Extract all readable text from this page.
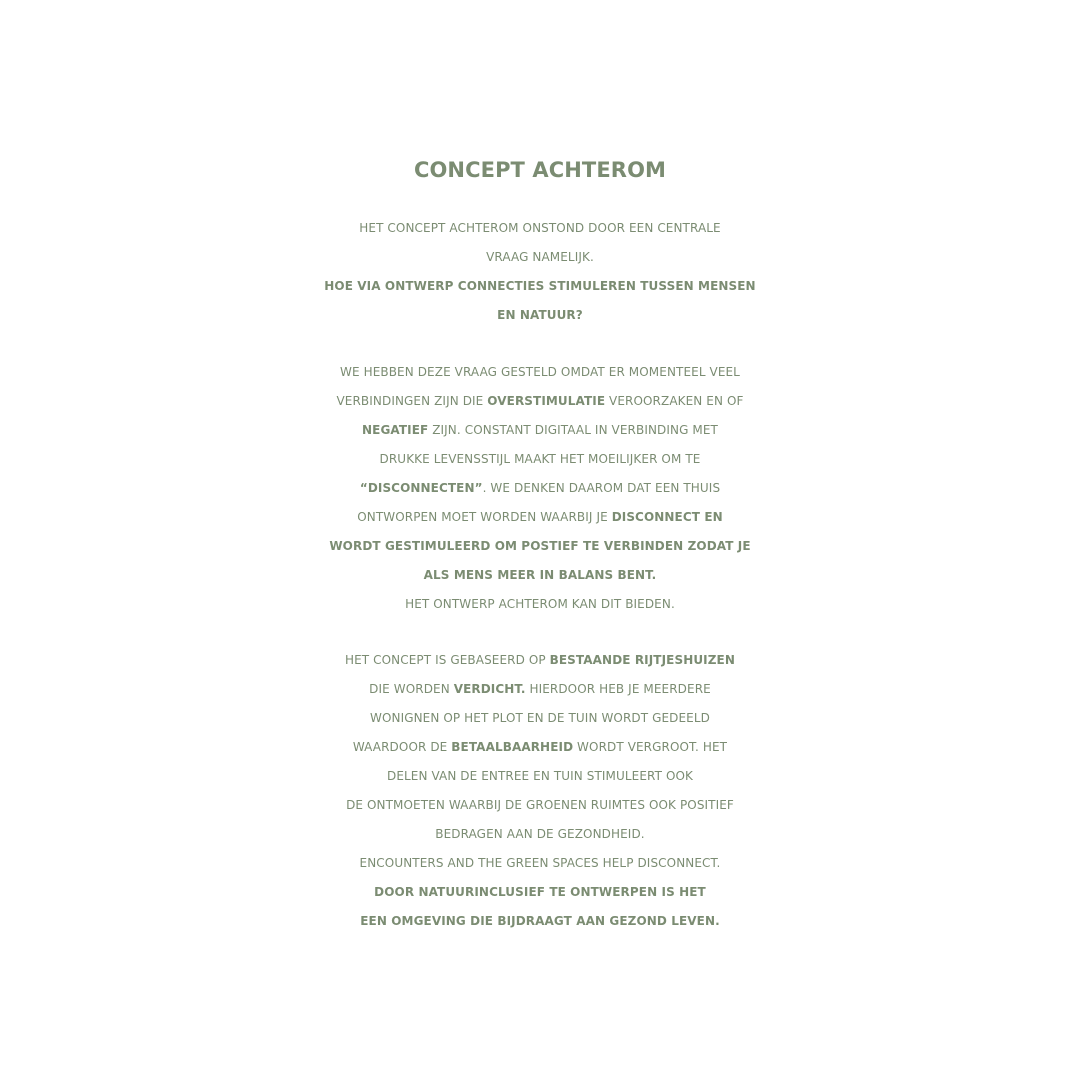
CONCEPT ACHTEROM
HET CONCEPT ACHTEROM ONSTOND DOOR EEN CENTRALE
VRAAG NAMELIJK.
HOE VIA ONTWERP CONNECTIES STIMULEREN TUSSEN MENSEN
EN NATUUR?
WE HEBBEN DEZE VRAAG GESTELD OMDAT ER MOMENTEEL VEEL
VERBINDINGEN ZIJN DIE OVERSTIMULATIE VEROORZAKEN EN OF
NEGATIEF ZIJN. CONSTANT DIGITAAL IN VERBINDING MET
DRUKKE LEVENSSTIJL MAAKT HET MOEILIJKER OM TE
“DISCONNECTEN”. WE DENKEN DAAROM DAT EEN THUIS
ONTWORPEN MOET WORDEN WAARBIJ JE DISCONNECT EN
WORDT GESTIMULEERD OM POSTIEF TE VERBINDEN ZODAT JE
ALS MENS MEER IN BALANS BENT.
HET ONTWERP ACHTEROM KAN DIT BIEDEN.
HET CONCEPT IS GEBASEERD OP BESTAANDE RIJTJESHUIZEN
DIE WORDEN VERDICHT. HIERDOOR HEB JE MEERDERE
WONIGNEN OP HET PLOT EN DE TUIN WORDT GEDEELD
WAARDOOR DE BETAALBAARHEID WORDT VERGROOT. HET
DELEN VAN DE ENTREE EN TUIN STIMULEERT OOK
DE ONTMOETEN WAARBIJ DE GROENEN RUIMTES OOK POSITIEF
BEDRAGEN AAN DE GEZONDHEID.
ENCOUNTERS AND THE GREEN SPACES HELP DISCONNECT.
DOOR NATUURINCLUSIEF TE ONTWERPEN IS HET
EEN OMGEVING DIE BIJDRAAGT AAN GEZOND LEVEN.
